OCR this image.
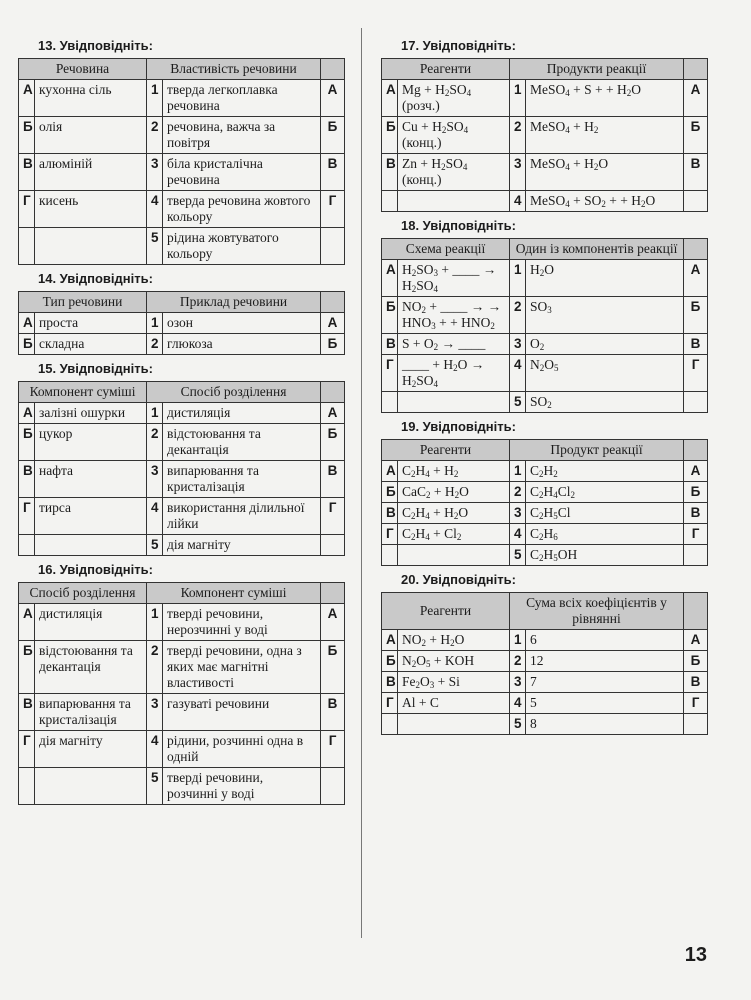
13. Увідповідніть:
Речовина		Властивість речовини		
А	кухонна сіль	1	тверда легкоплавка речовина	А
Б	олія	2	речовина, важча за повітря	Б
В	алюміній	3	біла кристалічна речовина	В
Г	кисень	4	тверда речовина жовтого кольору	Г
		5	рідина жовтуватого кольору	
14. Увідповідніть:
Тип речовини		Приклад речовини		
А	проста	1	озон	А
Б	складна	2	глюкоза	Б
15. Увідповідніть:
Компонент суміші		Спосіб розділення		
А	залізні ошурки	1	дистиляція	А
Б	цукор	2	відстоювання та декантація	Б
В	нафта	3	випарювання та кристалізація	В
Г	тирса	4	використання ділильної лійки	Г
		5	дія магніту	
16. Увідповідніть:
Спосіб розділення		Компонент суміші		
А	дистиляція	1	тверді речовини, нерозчинні у воді	А
Б	відстоювання та декантація	2	тверді речовини, одна з яких має магнітні властивості	Б
В	випарювання та кристалізація	3	газуваті речовини	В
Г	дія магніту	4	рідини, розчинні одна в одній	Г
		5	тверді речовини, розчинні у воді	
17. Увідповідніть:
Реагенти		Продукти реакції		
А	$Mg + H_2SO_4$ (розч.)	1	MeSO$_4$ + S + + $H_2O$	А
Б	$Cu + H_2SO_4$ (конц.)	2	MeSO$_4$ + $H_2$	Б
В	$Zn + H_2SO_4$ (конц.)	3	MeSO$_4$ + $H_2O$	В
		4	MeSO$_4$ + $SO_2$ + + $H_2O$	
18. Увідповідніть:
Схема реакції		Один із компонентів реакції		
А	$H_2SO_3$ + ____ → $H_2SO_4$	1	$H_2O$	А
Б	$NO_2$ + ____ → → $HNO_3$ + + $HNO_2$	2	$SO_3$	Б
В	$S + O_2$ → ____	3	$O_2$	В
Г	____ + $H_2O \to H_2SO_4$	4	$N_2O_5$	Г
		5	$SO_2$	
19. Увідповідніть:
Реагенти		Продукт реакції		
А	$C_2H_4 + H_2$	1	$C_2H_2$	А
Б	$CaC_2 + H_2O$	2	$C_2H_4Cl_2$	Б
В	$C_2H_4 + H_2O$	3	$C_2H_5Cl$	В
Г	$C_2H_4 + Cl_2$	4	$C_2H_6$	Г
		5	$C_2H_5OH$	
20. Увідповідніть:
Реагенти		Сума всіх коефіцієнтів у рівнянні		
А	$NO_2 + H_2O$	1	6	А
Б	$N_2O_5$ + KOH	2	12	Б
В	$Fe_2O_3 + Si$	3	7	В
Г	Al + C	4	5	Г
		5	8	
13
